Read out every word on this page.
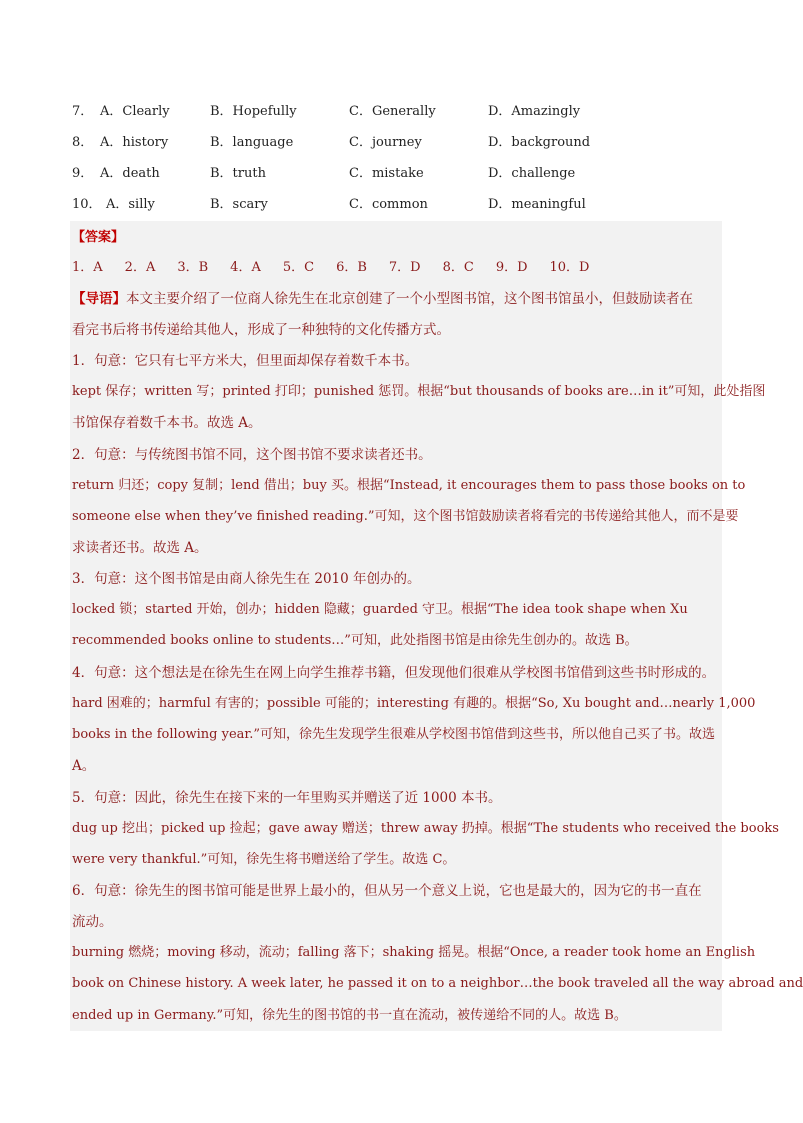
7． A．Clearly	B．Hopefully	C．Generally	D．Amazingly
8． A．history	B．language	C．journey	D．background
9． A．death	B．truth	C．mistake	D．challenge
10． A．silly	B．scary	C．common	D．meaningful
【答案】
1．A 2．A 3．B 4．A 5．C 6．B 7．D 8．C 9．D 10．D
【导语】本文主要介绍了一位商人徐先生在北京创建了一个小型图书馆，这个图书馆虽小，但鼓励读者在
看完书后将书传递给其他人，形成了一种独特的文化传播方式。
1．句意：它只有七平方米大，但里面却保存着数千本书。
kept 保存；written 写；printed 打印；punished 惩罚。根据“but thousands of books are…in it”可知，此处指图
书馆保存着数千本书。故选 A。
2．句意：与传统图书馆不同，这个图书馆不要求读者还书。
return 归还；copy 复制；lend 借出；buy 买。根据“Instead, it encourages them to pass those books on to
someone else when they’ve finished reading.”可知，这个图书馆鼓励读者将看完的书传递给其他人，而不是要
求读者还书。故选 A。
3．句意：这个图书馆是由商人徐先生在 2010 年创办的。
locked 锁；started 开始，创办；hidden 隐藏；guarded 守卫。根据“The idea took shape when Xu
recommended books online to students…”可知，此处指图书馆是由徐先生创办的。故选 B。
4．句意：这个想法是在徐先生在网上向学生推荐书籍，但发现他们很难从学校图书馆借到这些书时形成的。
hard 困难的；harmful 有害的；possible 可能的；interesting 有趣的。根据“So, Xu bought and…nearly 1,000
books in the following year.”可知，徐先生发现学生很难从学校图书馆借到这些书，所以他自己买了书。故选
A。
5．句意：因此，徐先生在接下来的一年里购买并赠送了近 1000 本书。
dug up 挖出；picked up 捡起；gave away 赠送；threw away 扔掉。根据“The students who received the books
were very thankful.”可知，徐先生将书赠送给了学生。故选 C。
6．句意：徐先生的图书馆可能是世界上最小的，但从另一个意义上说，它也是最大的，因为它的书一直在
流动。
burning 燃烧；moving 移动，流动；falling 落下；shaking 摇晃。根据“Once, a reader took home an English
book on Chinese history. A week later, he passed it on to a neighbor…the book traveled all the way abroad and
ended up in Germany.”可知，徐先生的图书馆的书一直在流动，被传递给不同的人。故选 B。
